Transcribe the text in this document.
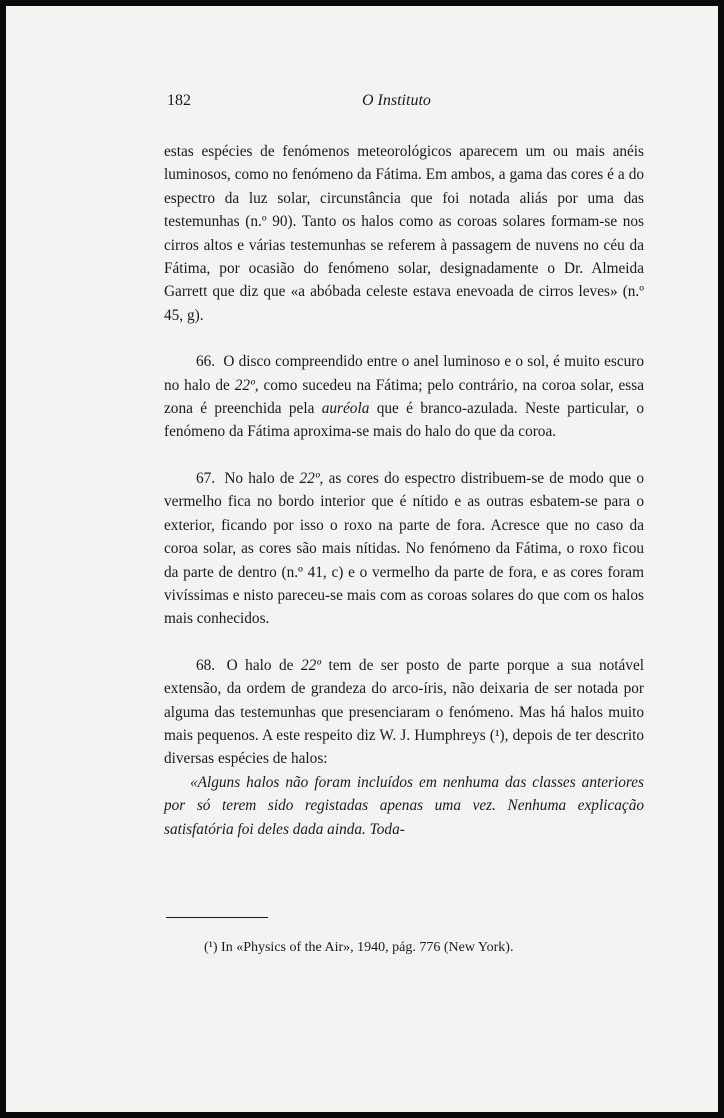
182	O Instituto

estas espécies de fenómenos meteorológicos aparecem um ou mais anéis luminosos, como no fenómeno da Fátima. Em ambos, a gama das cores é a do espectro da luz solar, circunstância que foi notada aliás por uma das testemunhas (n.º 90). Tanto os halos como as coroas solares formam-se nos cirros altos e várias testemunhas se referem à passagem de nuvens no céu da Fátima, por ocasião do fenómeno solar, designadamente o Dr. Almeida Garrett que diz que «a abóbada celeste estava enevoada de cirros leves» (n.º 45, g).

66. O disco compreendido entre o anel luminoso e o sol, é muito escuro no halo de 22º, como sucedeu na Fátima; pelo contrário, na coroa solar, essa zona é preenchida pela auréola que é branco-azulada. Neste particular, o fenómeno da Fátima aproxima-se mais do halo do que da coroa.

67. No halo de 22º, as cores do espectro distribuem-se de modo que o vermelho fica no bordo interior que é nítido e as outras esbatem-se para o exterior, ficando por isso o roxo na parte de fora. Acresce que no caso da coroa solar, as cores são mais nítidas. No fenómeno da Fátima, o roxo ficou da parte de dentro (n.º 41, c) e o vermelho da parte de fora, e as cores foram vivíssimas e nisto pareceu-se mais com as coroas solares do que com os halos mais conhecidos.

68. O halo de 22º tem de ser posto de parte porque a sua notável extensão, da ordem de grandeza do arco-íris, não deixaria de ser notada por alguma das testemunhas que presenciaram o fenómeno. Mas há halos muito mais pequenos. A este respeito diz W. J. Humphreys (¹), depois de ter descrito diversas espécies de halos:

«Alguns halos não foram incluídos em nenhuma das classes anteriores por só terem sido registadas apenas uma vez. Nenhuma explicação satisfatória foi deles dada ainda. Toda-

(¹) In «Physics of the Air», 1940, pág. 776 (New York).
